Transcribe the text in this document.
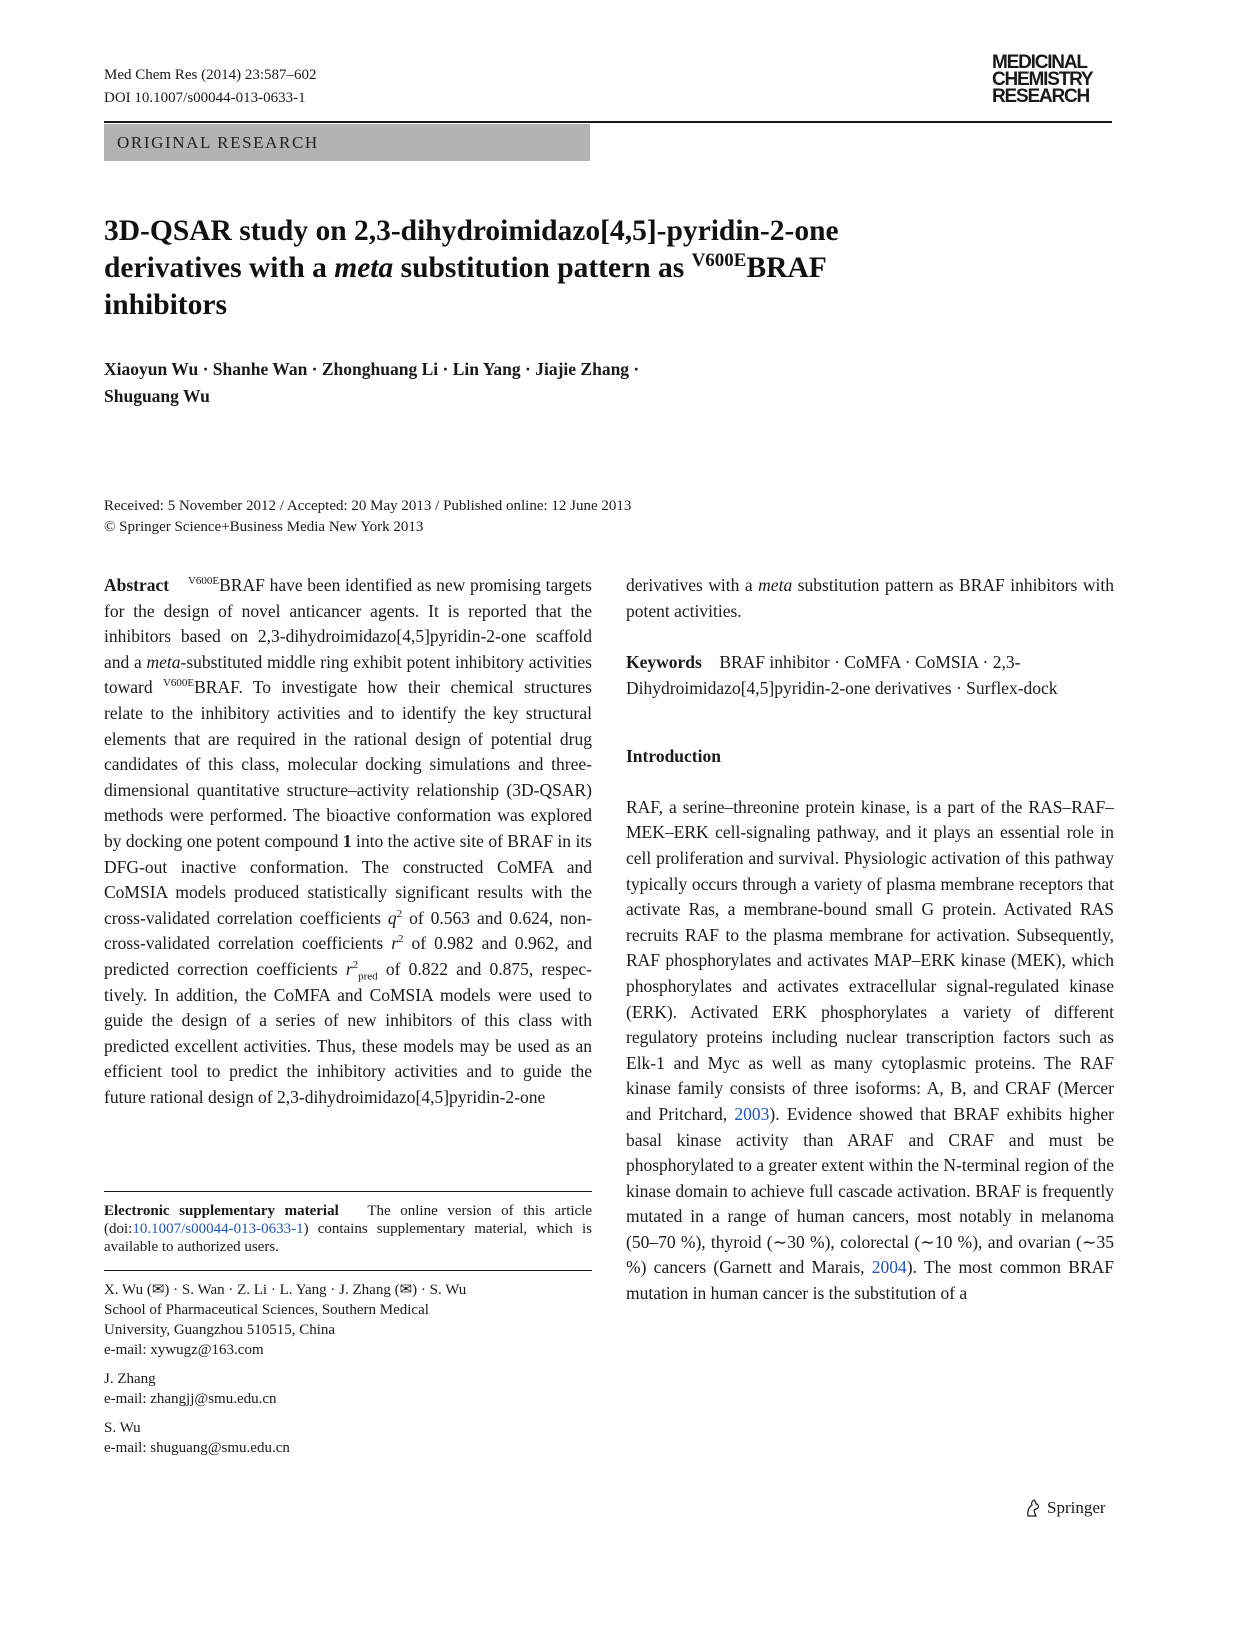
Med Chem Res (2014) 23:587–602
DOI 10.1007/s00044-013-0633-1
MEDICINAL
CHEMISTRY
RESEARCH
ORIGINAL RESEARCH
3D-QSAR study on 2,3-dihydroimidazo[4,5]-pyridin-2-one
derivatives with a meta substitution pattern as $^{V600E}$BRAF
inhibitors
Xiaoyun Wu · Shanhe Wan · Zhonghuang Li · Lin Yang · Jiajie Zhang ·
Shuguang Wu
Received: 5 November 2012 / Accepted: 20 May 2013 / Published online: 12 June 2013
© Springer Science+Business Media New York 2013

Abstract $^{V600E}$BRAF have been identified as new promising targets for the design of novel anticancer agents. It is reported that the inhibitors based on 2,3-dihydroimidazo[4,5]pyridin-2-one scaffold and a meta-substituted middle ring exhibit potent inhibitory activities toward $^{V600E}$BRAF. To investigate how their chemical structures relate to the inhibitory activities and to identify the key structural elements that are required in the rational design of potential drug candidates of this class, molecular docking simulations and three-dimensional quantitative structure–activity relationship (3D-QSAR) methods were performed. The bioactive conformation was explored by docking one potent compound 1 into the active site of BRAF in its DFG-out inactive conformation. The constructed CoMFA and CoMSIA models produced statistically significant results with the cross-validated correlation coefficients $q^2$ of 0.563 and 0.624, non-cross-validated correlation coefficients $r^2$ of 0.982 and 0.962, and predicted correction coefficients $r^2_{pred}$ of 0.822 and 0.875, respectively. In addition, the CoMFA and CoMSIA models were used to guide the design of a series of new inhibitors of this class with predicted excellent activities. Thus, these models may be used as an efficient tool to predict the inhibitory activities and to guide the future rational design of 2,3-dihydroimidazo[4,5]pyridin-2-one

Keywords BRAF inhibitor · CoMFA · CoMSIA · 2,3-Dihydroimidazo[4,5]pyridin-2-one derivatives · Surflex-dock

Introduction

RAF, a serine–threonine protein kinase, is a part of the RAS–RAF–MEK–ERK cell-signaling pathway, and it plays an essential role in cell proliferation and survival. Physiologic activation of this pathway typically occurs through a variety of plasma membrane receptors that activate Ras, a membrane-bound small G protein. Activated RAS recruits RAF to the plasma membrane for activation. Subsequently, RAF phosphorylates and activates MAP–ERK kinase (MEK), which phosphorylates and activates extracellular signal-regulated kinase (ERK). Activated ERK phosphorylates a variety of different regulatory proteins including nuclear transcription factors such as Elk-1 and Myc as well as many cytoplasmic proteins. The RAF kinase family consists of three isoforms: A, B, and CRAF (Mercer and Pritchard, 2003). Evidence showed that BRAF exhibits higher basal kinase activity than ARAF and CRAF and must be phosphorylated to a greater extent within the N-terminal region of the kinase domain to achieve full cascade activation. BRAF is frequently mutated in a range of human cancers, most notably in melanoma (50–70 %), thyroid (∼30 %), colorectal (∼10 %), and ovarian (∼35 %) cancers (Garnett and Marais, 2004). The most common BRAF mutation in human cancer is the substitution of a

Electronic supplementary material The online version of this article (doi:10.1007/s00044-013-0633-1) contains supplementary material, which is available to authorized users.

X. Wu (✉) · S. Wan · Z. Li · L. Yang · J. Zhang (✉) · S. Wu

School of Pharmaceutical Sciences, Southern Medical

University, Guangzhou 510515, China

e-mail: xywugz@163.com

J. Zhang

e-mail: zhangjj@smu.edu.cn

S. Wu

e-mail: shuguang@smu.edu.cn

Springer

derivatives with a meta substitution pattern as BRAF inhibitors with potent activities.
